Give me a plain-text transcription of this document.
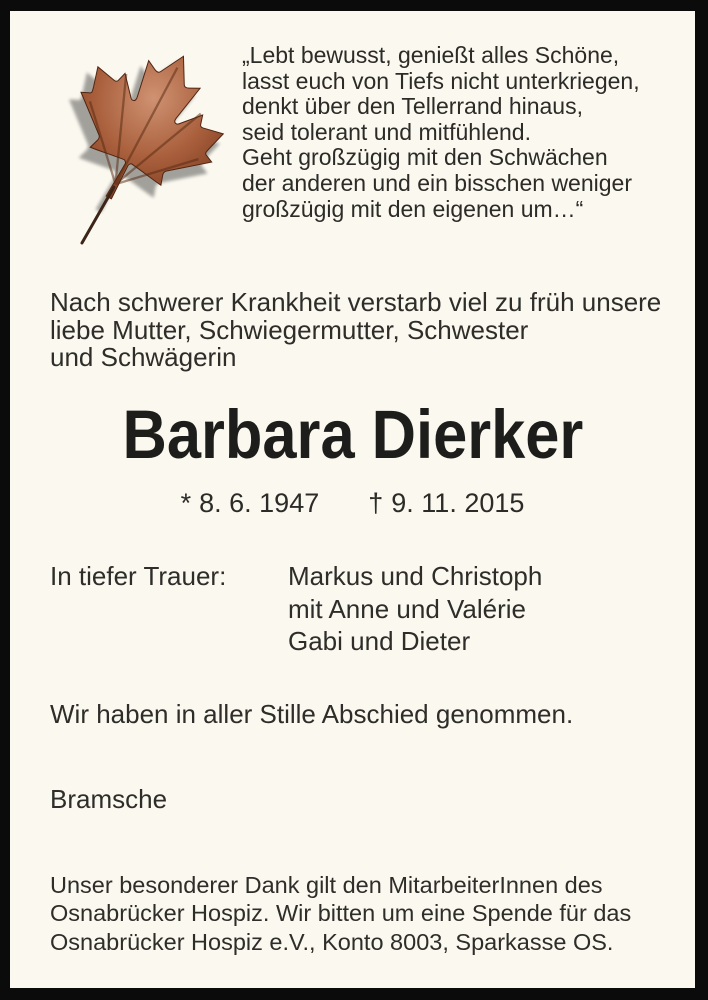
„Lebt bewusst, genießt alles Schöne,
lasst euch von Tiefs nicht unterkriegen,
denkt über den Tellerrand hinaus,
seid tolerant und mitfühlend.
Geht großzügig mit den Schwächen
der anderen und ein bisschen weniger
großzügig mit den eigenen um…“
Nach schwerer Krankheit verstarb viel zu früh unsere
liebe Mutter, Schwiegermutter, Schwester
und Schwägerin
Barbara Dierker
* 8. 6. 1947 † 9. 11. 2015
In tiefer Trauer: Markus und Christoph
mit Anne und Valérie
Gabi und Dieter
Wir haben in aller Stille Abschied genommen.
Bramsche
Unser besonderer Dank gilt den MitarbeiterInnen des
Osnabrücker Hospiz. Wir bitten um eine Spende für das
Osnabrücker Hospiz e.V., Konto 8003, Sparkasse OS.
